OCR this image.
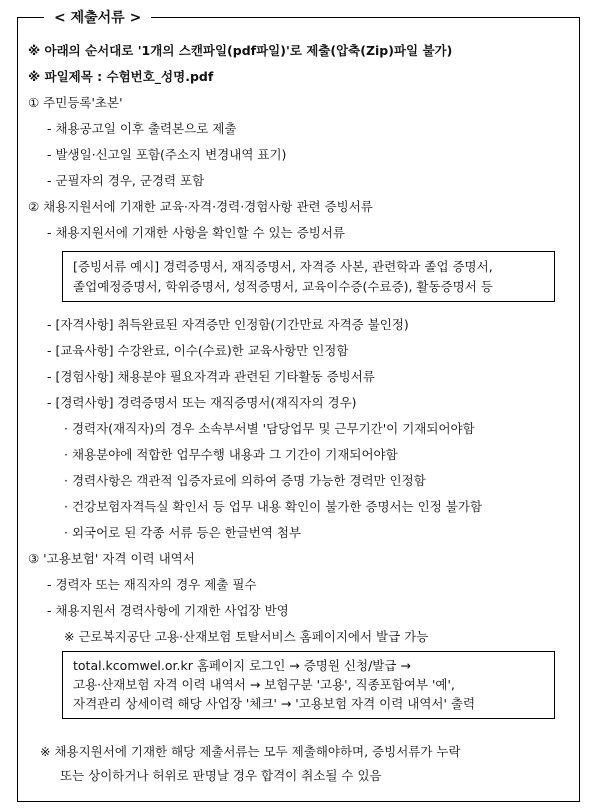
< 제출서류 >
※ 아래의 순서대로 '1개의 스캔파일(pdf파일)'로 제출(압축(Zip)파일 불가)
※ 파일제목 : 수험번호_성명.pdf
① 주민등록'초본'
- 채용공고일 이후 출력본으로 제출
- 발생일·신고일 포함(주소지 변경내역 표기)
- 군필자의 경우, 군경력 포함
② 채용지원서에 기재한 교육·자격·경력·경험사항 관련 증빙서류
- 채용지원서에 기재한 사항을 확인할 수 있는 증빙서류
[증빙서류 예시] 경력증명서, 재직증명서, 자격증 사본, 관련학과 졸업 증명서,
졸업예정증명서, 학위증명서, 성적증명서, 교육이수증(수료증), 활동증명서 등
- [자격사항] 취득완료된 자격증만 인정함(기간만료 자격증 불인정)
- [교육사항] 수강완료, 이수(수료)한 교육사항만 인정함
- [경험사항] 채용분야 필요자격과 관련된 기타활동 증빙서류
- [경력사항] 경력증명서 또는 재직증명서(재직자의 경우)
· 경력자(재직자)의 경우 소속부서별 '담당업무 및 근무기간'이 기재되어야함
· 채용분야에 적합한 업무수행 내용과 그 기간이 기재되어야함
· 경력사항은 객관적 입증자료에 의하여 증명 가능한 경력만 인정함
· 건강보험자격득실 확인서 등 업무 내용 확인이 불가한 증명서는 인정 불가함
· 외국어로 된 각종 서류 등은 한글번역 첨부
③ '고용보험' 자격 이력 내역서
- 경력자 또는 재직자의 경우 제출 필수
- 채용지원서 경력사항에 기재한 사업장 반영
※ 근로복지공단 고용·산재보험 토탈서비스 홈페이지에서 발급 가능
total.kcomwel.or.kr 홈페이지 로그인 → 증명원 신청/발급 →
고용·산재보험 자격 이력 내역서 → 보험구분 '고용', 직종포함여부 '예',
자격관리 상세이력 해당 사업장 '체크' → '고용보험 자격 이력 내역서' 출력
※ 채용지원서에 기재한 해당 제출서류는 모두 제출해야하며, 증빙서류가 누락
또는 상이하거나 허위로 판명날 경우 합격이 취소될 수 있음
